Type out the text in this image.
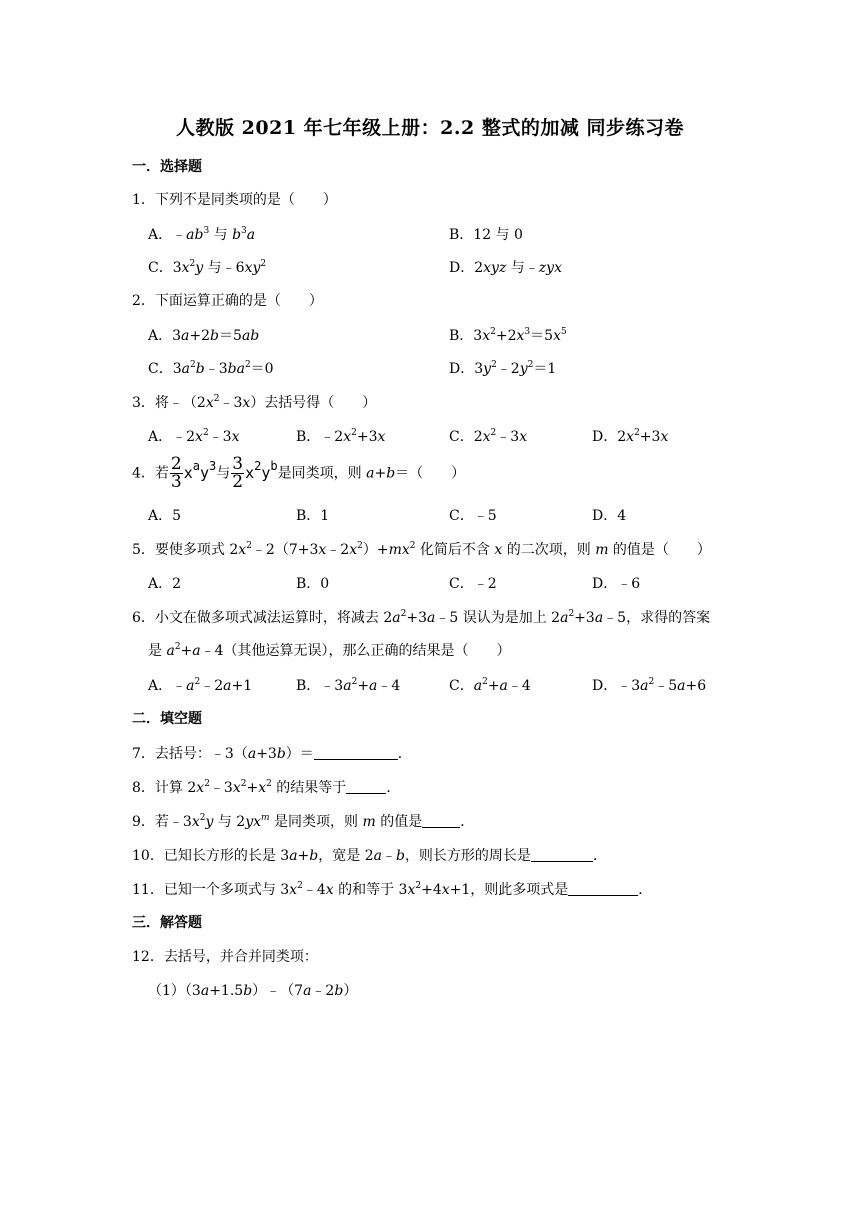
人教版 2021 年七年级上册：2.2 整式的加减 同步练习卷
一．选择题
1．下列不是同类项的是（　　）
A．$﹣ab^3$ 与 $b^3a$	B．12 与 0
C．$3x^2y$ 与$﹣6xy^2$	D．2xyz 与﹣zyx
2．下面运算正确的是（　　）
A．3a+2b＝5ab	B．$3x^2+2x^3=5x^5$
C．$3a^2b﹣3ba^2=0$	D．$3y^2﹣2y^2=1$
3．将$﹣(2x^2﹣3x)$去括号得（　　）
A．$﹣2x^2﹣3x$	B．$﹣2x^2+3x$	C．$2x^2﹣3x$	D．$2x^2+3x$
4．若 $\frac{2}{3} x^ay^3$与 $\frac{3}{2} x^2y^b$是同类项，则 a+b＝（　　）
A．5	B．1	C．﹣5	D．4
5．要使多项式 $2x^2﹣2(7+3x﹣2x^2)+mx^2$ 化简后不含 x 的二次项，则 m 的值是（　　）
A．2	B．0	C．﹣2	D．﹣6
6．小文在做多项式减法运算时，将减去 $2a^2+3a﹣5$ 误认为是加上 $2a^2+3a﹣5$，求得的答案
是 $a^2+a﹣4$（其他运算无误），那么正确的结果是（　　）
A．$﹣a^2﹣2a+1$	B．$﹣3a^2+a﹣4$	C．$a^2+a﹣4$	D．$﹣3a^2﹣5a+6$
二．填空题
7．去括号：﹣3（a+3b）＝	．
8．计算 $2x^2﹣3x^2+x^2$ 的结果等于	．
9．若$﹣3x^2y$ 与 $2yx^m$ 是同类项，则 m 的值是	．
10．已知长方形的长是 3a+b，宽是 2a﹣b，则长方形的周长是	．
11．已知一个多项式与 $3x^2﹣4x$ 的和等于 $3x^2+4x+1$，则此多项式是	．
三．解答题
12．去括号，并合并同类项：
（1）（3a+1.5b）﹣（7a﹣2b）
